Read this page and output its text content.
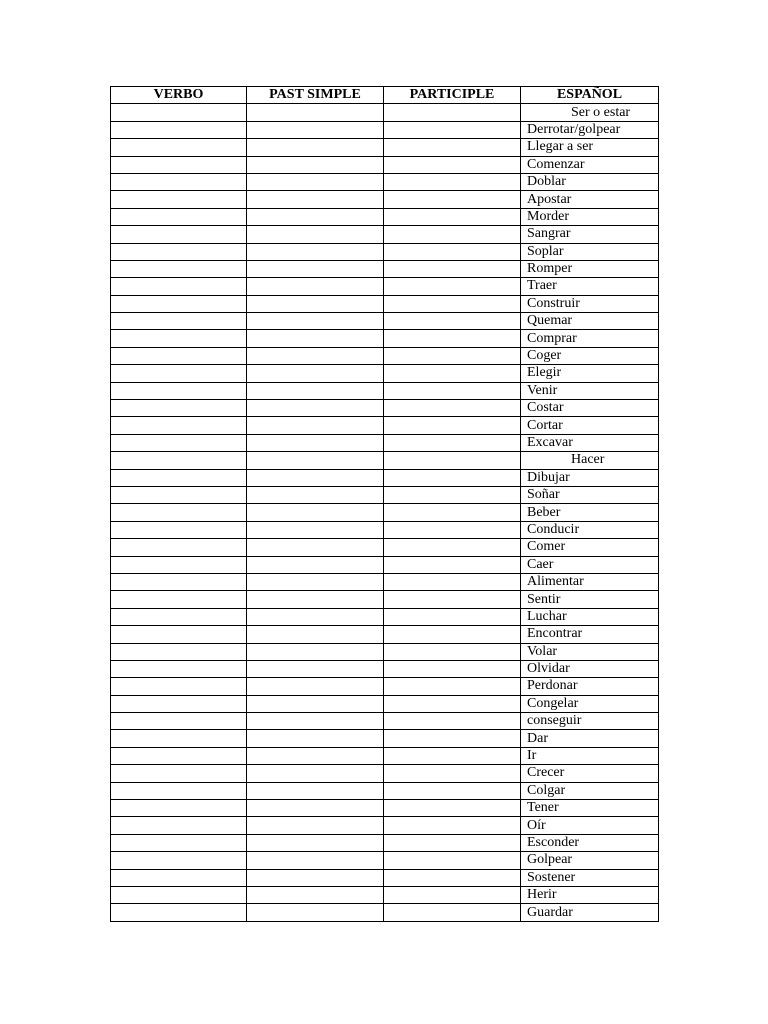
VERBO	PAST SIMPLE	PARTICIPLE	ESPAÑOL
			Ser o estar
			Derrotar/golpear
			Llegar a ser
			Comenzar
			Doblar
			Apostar
			Morder
			Sangrar
			Soplar
			Romper
			Traer
			Construir
			Quemar
			Comprar
			Coger
			Elegir
			Venir
			Costar
			Cortar
			Excavar
			Hacer
			Dibujar
			Soñar
			Beber
			Conducir
			Comer
			Caer
			Alimentar
			Sentir
			Luchar
			Encontrar
			Volar
			Olvidar
			Perdonar
			Congelar
			conseguir
			Dar
			Ir
			Crecer
			Colgar
			Tener
			Oír
			Esconder
			Golpear
			Sostener
			Herir
			Guardar
